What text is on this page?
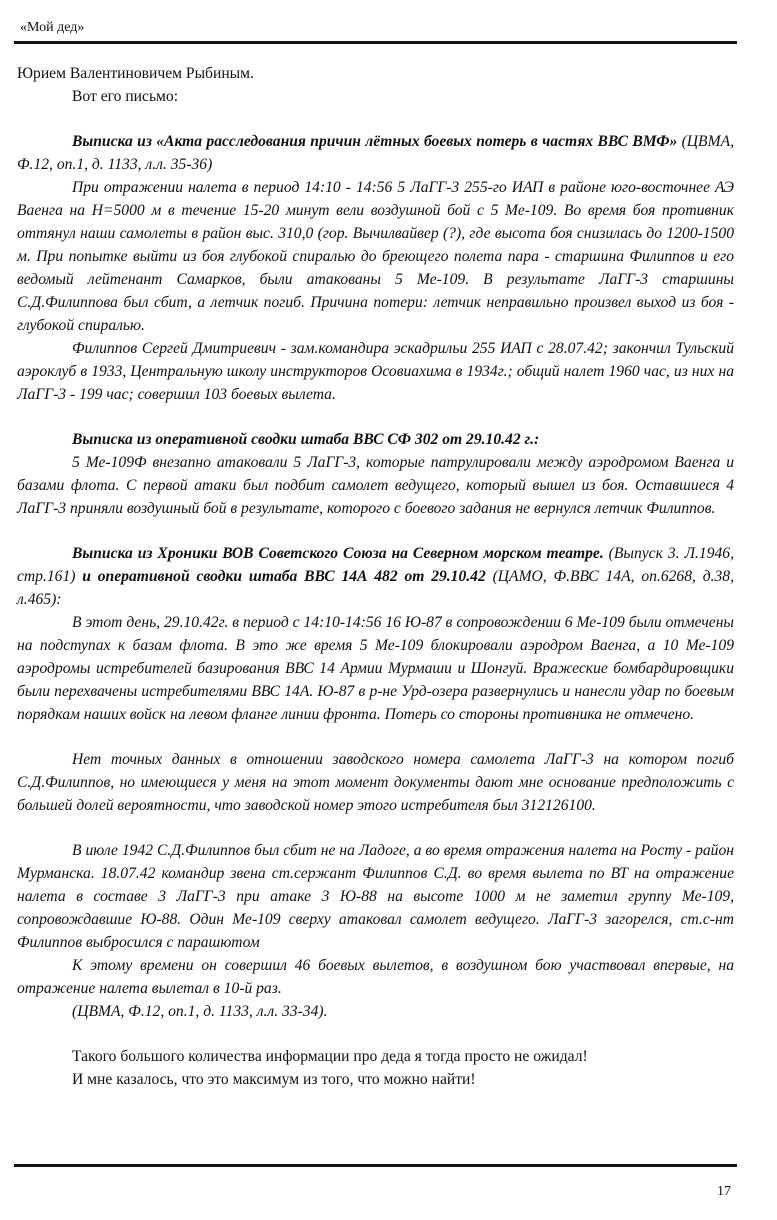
«Мой дед»

Юрием Валентиновичем Рыбиным.

Вот его письмо:

Выписка из «Акта расследования причин лётных боевых потерь в частях ВВС ВМФ» (ЦВМА, Ф.12, оп.1, д. 1133, л.л. 35-36)

При отражении налета в период 14:10 - 14:56 5 ЛаГГ-3 255-го ИАП в районе юго-восточнее АЭ Ваенга на Н=5000 м в течение 15-20 минут вели воздушной бой с 5 Ме-109. Во время боя противник оттянул наши самолеты в район выс. 310,0 (гор. Вычилвайвер (?), где высота боя снизилась до 1200-1500 м. При попытке выйти из боя глубокой спиралью до бреющего полета пара - старшина Филиппов и его ведомый лейтенант Самарков, были атакованы 5 Ме-109. В результате ЛаГГ-3 старшины С.Д.Филиппова был сбит, а летчик погиб. Причина потери: летчик неправильно произвел выход из боя - глубокой спиралью.

Филиппов Сергей Дмитриевич - зам.командира эскадрильи 255 ИАП с 28.07.42; закончил Тульский аэроклуб в 1933, Центральную школу инструкторов Осовиахима в 1934г.; общий налет 1960 час, из них на ЛаГГ-3 - 199 час; совершил 103 боевых вылета.

Выписка из оперативной сводки штаба ВВС СФ 302 от 29.10.42 г.:

5 Ме-109Ф внезапно атаковали 5 ЛаГГ-3, которые патрулировали между аэродромом Ваенга и базами флота. С первой атаки был подбит самолет ведущего, который вышел из боя. Оставшиеся 4 ЛаГГ-3 приняли воздушный бой в результате, которого с боевого задания не вернулся летчик Филиппов.

Выписка из Хроники ВОВ Советского Союза на Северном морском театре. (Выпуск 3. Л.1946, стр.161) и оперативной сводки штаба ВВС 14А 482 от 29.10.42 (ЦАМО, Ф.ВВС 14А, оп.6268, д.38, л.465):

В этот день, 29.10.42г. в период с 14:10-14:56 16 Ю-87 в сопровождении 6 Ме-109 были отмечены на подступах к базам флота. В это же время 5 Ме-109 блокировали аэродром Ваенга, а 10 Ме-109 аэродромы истребителей базирования ВВС 14 Армии Мурмаши и Шонгуй. Вражеские бомбардировщики были перехвачены истребителями ВВС 14А. Ю-87 в р-не Урд-озера развернулись и нанесли удар по боевым порядкам наших войск на левом фланге линии фронта. Потерь со стороны противника не отмечено.

Нет точных данных в отношении заводского номера самолета ЛаГГ-3 на котором погиб С.Д.Филиппов, но имеющиеся у меня на этот момент документы дают мне основание предположить с большей долей вероятности, что заводской номер этого истребителя был 312126100.

В июле 1942 С.Д.Филиппов был сбит не на Ладоге, а во время отражения налета на Росту - район Мурманска. 18.07.42 командир звена ст.сержант Филиппов С.Д. во время вылета по ВТ на отражение налета в составе 3 ЛаГГ-3 при атаке 3 Ю-88 на высоте 1000 м не заметил группу Ме-109, сопровождавшие Ю-88. Один Ме-109 сверху атаковал самолет ведущего. ЛаГГ-3 загорелся, ст.с-нт Филиппов выбросился с парашютом

К этому времени он совершил 46 боевых вылетов, в воздушном бою участвовал впервые, на отражение налета вылетал в 10-й раз.

(ЦВМА, Ф.12, оп.1, д. 1133, л.л. 33-34).

Такого большого количества информации про деда я тогда просто не ожидал!

И мне казалось, что это максимум из того, что можно найти!

17
